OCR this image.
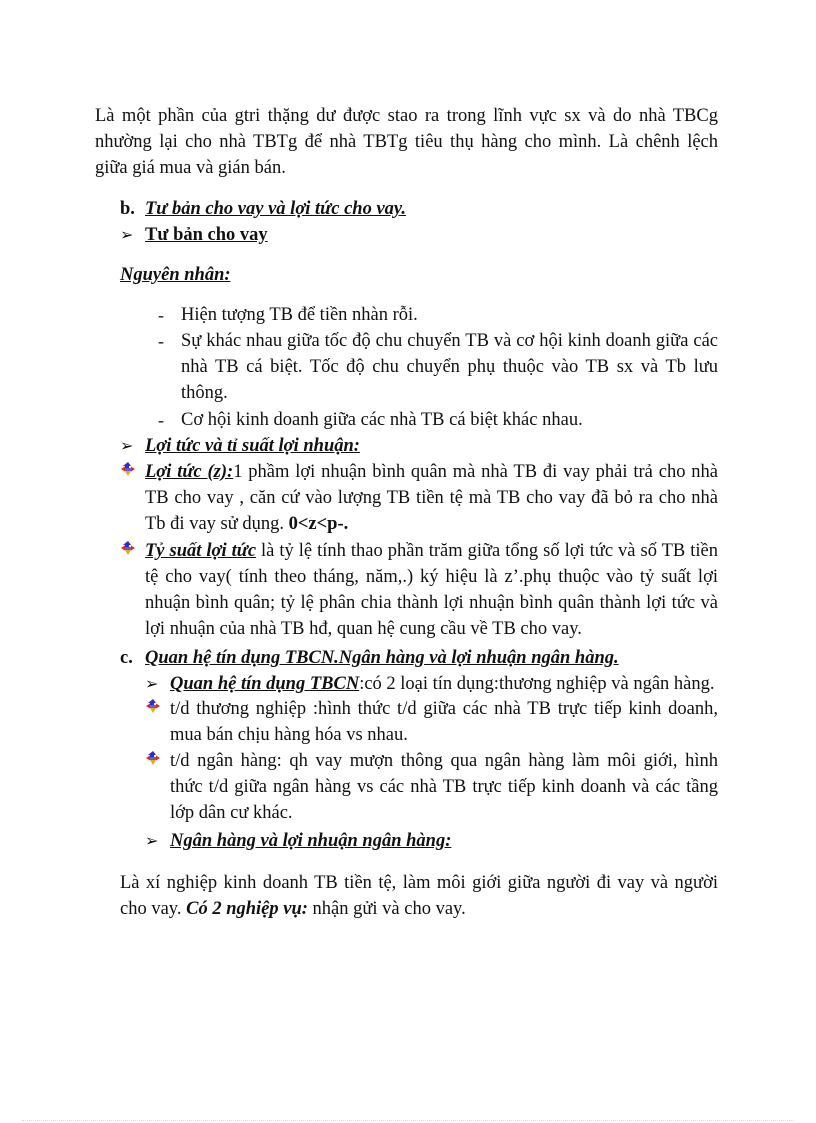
Là một phần của gtri thặng dư được stao ra trong lĩnh vực sx và do nhà TBCg
nhường lại cho nhà TBTg để nhà TBTg tiêu thụ hàng cho mình. Là chênh lệch
giữa giá mua và gián bán.
b. Tư bản cho vay và lợi tức cho vay.
➢ Tư bản cho vay
Nguyên nhân:
- Hiện tượng TB để tiền nhàn rỗi.
- Sự khác nhau giữa tốc độ chu chuyển TB và cơ hội kinh doanh giữa các
nhà TB cá biệt. Tốc độ chu chuyển phụ thuộc vào TB sx và Tb lưu
thông.
- Cơ hội kinh doanh giữa các nhà TB cá biệt khác nhau.
➢ Lợi tức và tỉ suất lợi nhuận:
Lợi tức (z):1 phầm lợi nhuận bình quân mà nhà TB đi vay phải trả cho nhà
TB cho vay , căn cứ vào lượng TB tiền tệ mà TB cho vay đã bỏ ra cho nhà
Tb đi vay sử dụng. 0<z<p-.
Tỷ suất lợi tức là tỷ lệ tính thao phần trăm giữa tổng số lợi tức và số TB tiền
tệ cho vay( tính theo tháng, năm,.) ký hiệu là z’.phụ thuộc vào tỷ suất lợi
nhuận bình quân; tỷ lệ phân chia thành lợi nhuận bình quân thành lợi tức và
lợi nhuận của nhà TB hđ, quan hệ cung cầu về TB cho vay.
c. Quan hệ tín dụng TBCN.Ngân hàng và lợi nhuận ngân hàng.
➢ Quan hệ tín dụng TBCN:có 2 loại tín dụng:thương nghiệp và ngân hàng.
t/d thương nghiệp :hình thức t/d giữa các nhà TB trực tiếp kinh doanh,
mua bán chịu hàng hóa vs nhau.
t/d ngân hàng: qh vay mượn thông qua ngân hàng làm môi giới, hình
thức t/d giữa ngân hàng vs các nhà TB trực tiếp kinh doanh và các tầng
lớp dân cư khác.
➢ Ngân hàng và lợi nhuận ngân hàng:
Là xí nghiệp kinh doanh TB tiền tệ, làm môi giới giữa người đi vay và người
cho vay. Có 2 nghiệp vụ: nhận gửi và cho vay.
